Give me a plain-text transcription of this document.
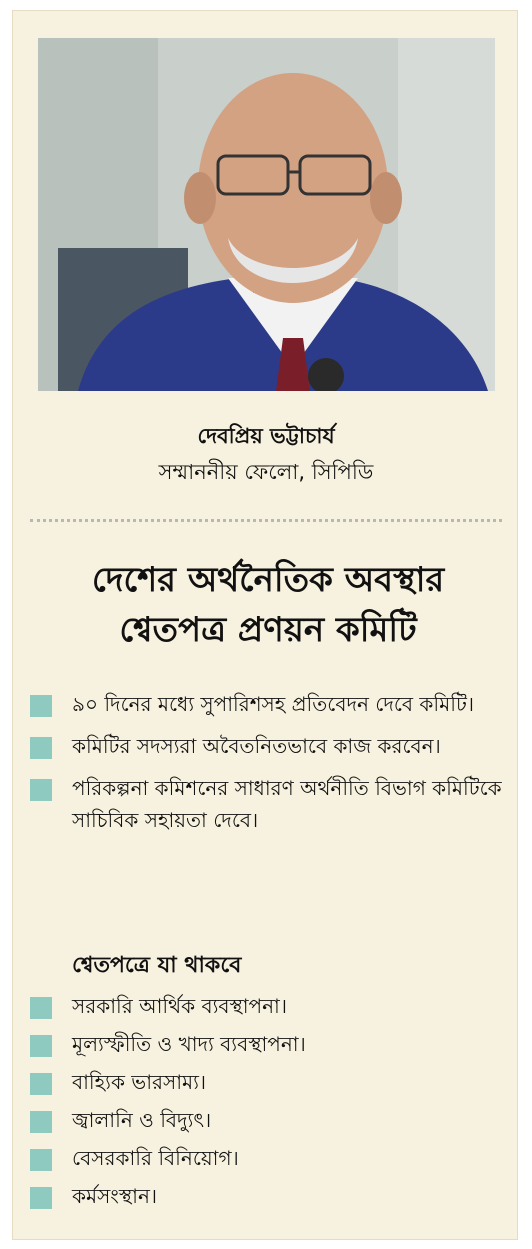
দেবপ্রিয় ভট্টাচার্য
সম্মাননীয় ফেলো, সিপিডি
দেশের অর্থনৈতিক অবস্থার
শ্বেতপত্র প্রণয়ন কমিটি
৯০ দিনের মধ্যে সুপারিশসহ প্রতিবেদন দেবে কমিটি।
কমিটির সদস্যরা অবৈতনিতভাবে কাজ করবেন।
পরিকল্পনা কমিশনের সাধারণ অর্থনীতি বিভাগ কমিটিকে সাচিবিক সহায়তা দেবে।
শ্বেতপত্রে যা থাকবে
সরকারি আর্থিক ব্যবস্থাপনা।
মূল্যস্ফীতি ও খাদ্য ব্যবস্থাপনা।
বাহ্যিক ভারসাম্য।
জ্বালানি ও বিদ্যুৎ।
বেসরকারি বিনিয়োগ।
কর্মসংস্থান।
